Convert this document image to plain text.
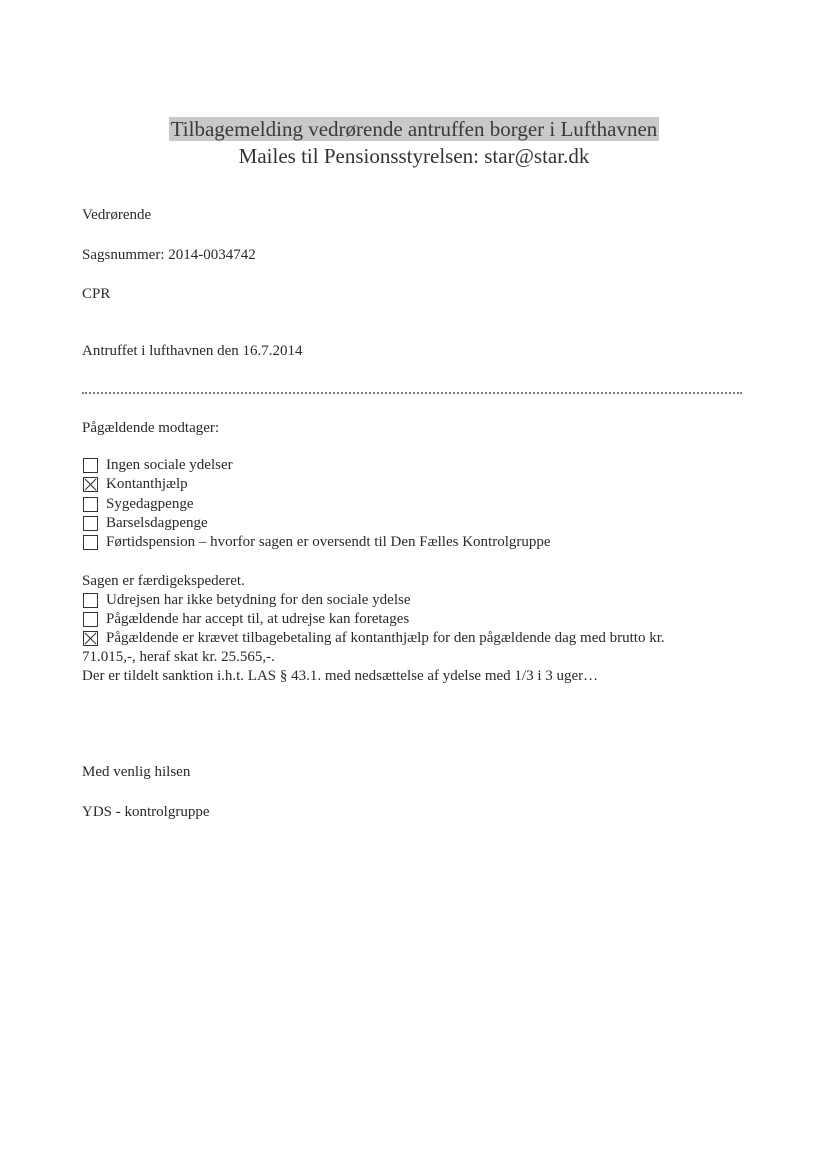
Tilbagemelding vedrørende antruffen borger i Lufthavnen
Mailes til Pensionsstyrelsen: star@star.dk
Vedrørende
Sagsnummer: 2014-0034742
CPR
Antruffet i lufthavnen den 16.7.2014
Pågældende modtager:
Ingen sociale ydelser
Kontanthjælp
Sygedagpenge
Barselsdagpenge
Førtidspension – hvorfor sagen er oversendt til Den Fælles Kontrolgruppe
Sagen er færdigekspederet.
Udrejsen har ikke betydning for den sociale ydelse
Pågældende har accept til, at udrejse kan foretages
Pågældende er krævet tilbagebetaling af kontanthjælp for den pågældende dag med brutto kr.
71.015,-, heraf skat kr. 25.565,-.
Der er tildelt sanktion i.h.t. LAS § 43.1. med nedsættelse af ydelse med 1/3 i 3 uger…
Med venlig hilsen
YDS - kontrolgruppe
